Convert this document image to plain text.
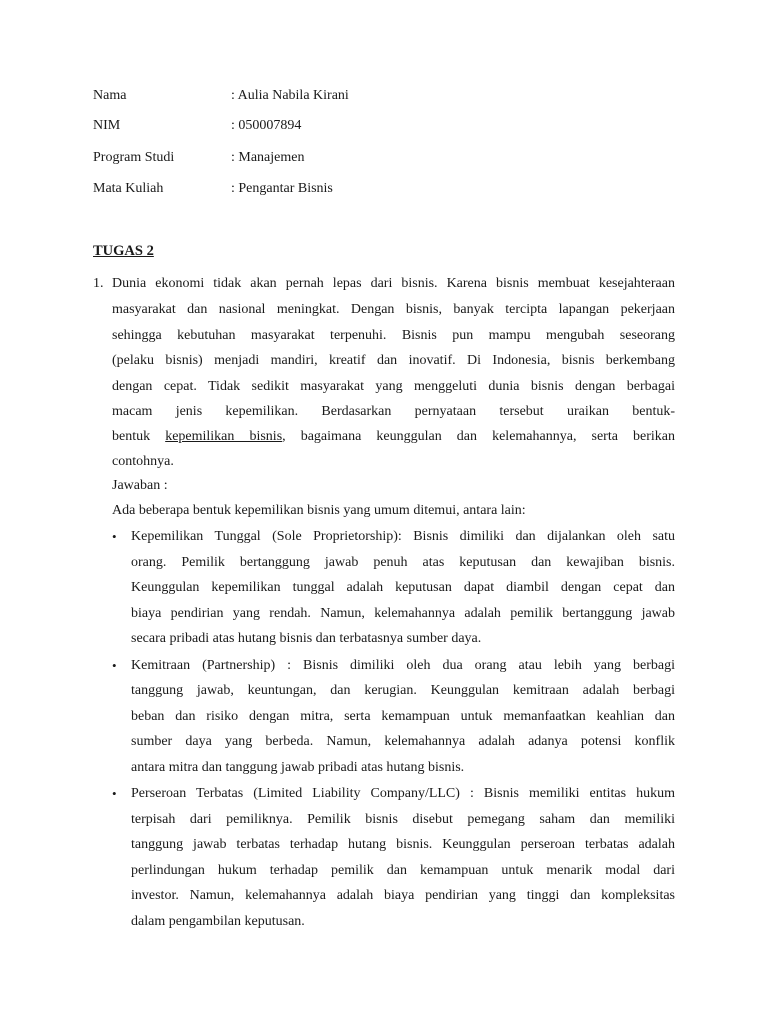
Nama	: Aulia Nabila Kirani
NIM	: 050007894
Program Studi	: Manajemen
Mata Kuliah	: Pengantar Bisnis
TUGAS 2
1. Dunia ekonomi tidak akan pernah lepas dari bisnis. Karena bisnis membuat kesejahteraan
masyarakat dan nasional meningkat. Dengan bisnis, banyak tercipta lapangan pekerjaan
sehingga kebutuhan masyarakat terpenuhi. Bisnis pun mampu mengubah seseorang
(pelaku bisnis) menjadi mandiri, kreatif dan inovatif. Di Indonesia, bisnis berkembang
dengan cepat. Tidak sedikit masyarakat yang menggeluti dunia bisnis dengan berbagai
macam jenis kepemilikan. Berdasarkan pernyataan tersebut uraikan bentuk-
bentuk kepemilikan bisnis, bagaimana keunggulan dan kelemahannya, serta berikan
contohnya.
Jawaban :
Ada beberapa bentuk kepemilikan bisnis yang umum ditemui, antara lain:
• Kepemilikan Tunggal (Sole Proprietorship): Bisnis dimiliki dan dijalankan oleh satu
orang. Pemilik bertanggung jawab penuh atas keputusan dan kewajiban bisnis.
Keunggulan kepemilikan tunggal adalah keputusan dapat diambil dengan cepat dan
biaya pendirian yang rendah. Namun, kelemahannya adalah pemilik bertanggung jawab
secara pribadi atas hutang bisnis dan terbatasnya sumber daya.
• Kemitraan (Partnership) : Bisnis dimiliki oleh dua orang atau lebih yang berbagi
tanggung jawab, keuntungan, dan kerugian. Keunggulan kemitraan adalah berbagi
beban dan risiko dengan mitra, serta kemampuan untuk memanfaatkan keahlian dan
sumber daya yang berbeda. Namun, kelemahannya adalah adanya potensi konflik
antara mitra dan tanggung jawab pribadi atas hutang bisnis.
• Perseroan Terbatas (Limited Liability Company/LLC) : Bisnis memiliki entitas hukum
terpisah dari pemiliknya. Pemilik bisnis disebut pemegang saham dan memiliki
tanggung jawab terbatas terhadap hutang bisnis. Keunggulan perseroan terbatas adalah
perlindungan hukum terhadap pemilik dan kemampuan untuk menarik modal dari
investor. Namun, kelemahannya adalah biaya pendirian yang tinggi dan kompleksitas
dalam pengambilan keputusan.
